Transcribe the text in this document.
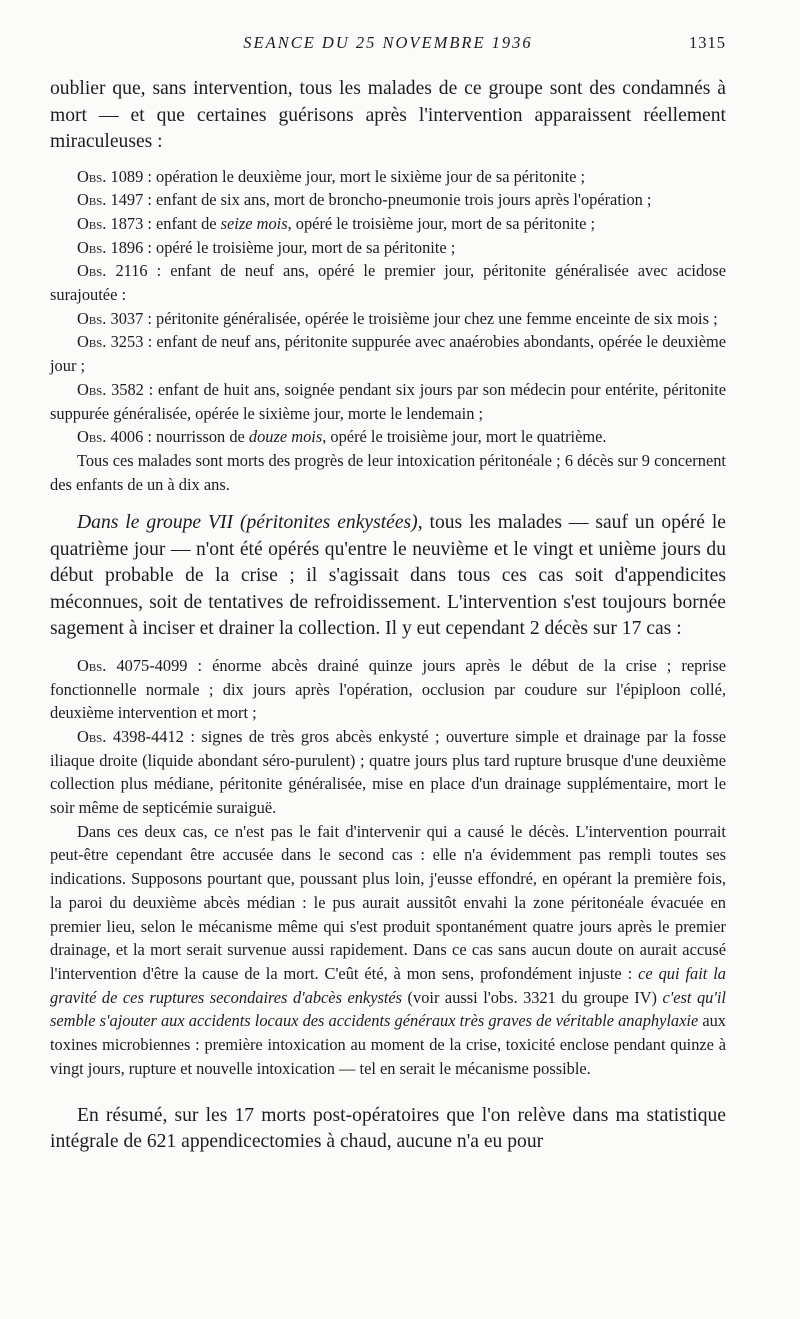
SEANCE DU 25 NOVEMBRE 1936	1315

oublier que, sans intervention, tous les malades de ce groupe sont des condamnés à mort — et que certaines guérisons après l'intervention apparaissent réellement miraculeuses :

Obs. 1089 : opération le deuxième jour, mort le sixième jour de sa péritonite ;

Obs. 1497 : enfant de six ans, mort de broncho-pneumonie trois jours après l'opération ;

Obs. 1873 : enfant de seize mois, opéré le troisième jour, mort de sa péritonite ;

Obs. 1896 : opéré le troisième jour, mort de sa péritonite ;

Obs. 2116 : enfant de neuf ans, opéré le premier jour, péritonite généralisée avec acidose surajoutée :

Obs. 3037 : péritonite généralisée, opérée le troisième jour chez une femme enceinte de six mois ;

Obs. 3253 : enfant de neuf ans, péritonite suppurée avec anaérobies abondants, opérée le deuxième jour ;

Obs. 3582 : enfant de huit ans, soignée pendant six jours par son médecin pour entérite, péritonite suppurée généralisée, opérée le sixième jour, morte le lendemain ;

Obs. 4006 : nourrisson de douze mois, opéré le troisième jour, mort le quatrième.

Tous ces malades sont morts des progrès de leur intoxication péritonéale ; 6 décès sur 9 concernent des enfants de un à dix ans.

Dans le groupe VII (péritonites enkystées), tous les malades — sauf un opéré le quatrième jour — n'ont été opérés qu'entre le neuvième et le vingt et unième jours du début probable de la crise ; il s'agissait dans tous ces cas soit d'appendicites méconnues, soit de tentatives de refroidissement. L'intervention s'est toujours bornée sagement à inciser et drainer la collection. Il y eut cependant 2 décès sur 17 cas :

Obs. 4075-4099 : énorme abcès drainé quinze jours après le début de la crise ; reprise fonctionnelle normale ; dix jours après l'opération, occlusion par coudure sur l'épiploon collé, deuxième intervention et mort ;

Obs. 4398-4412 : signes de très gros abcès enkysté ; ouverture simple et drainage par la fosse iliaque droite (liquide abondant séro-purulent) ; quatre jours plus tard rupture brusque d'une deuxième collection plus médiane, péritonite généralisée, mise en place d'un drainage supplémentaire, mort le soir même de septicémie suraiguë.

Dans ces deux cas, ce n'est pas le fait d'intervenir qui a causé le décès. L'intervention pourrait peut-être cependant être accusée dans le second cas : elle n'a évidemment pas rempli toutes ses indications. Supposons pourtant que, poussant plus loin, j'eusse effondré, en opérant la première fois, la paroi du deuxième abcès médian : le pus aurait aussitôt envahi la zone péritonéale évacuée en premier lieu, selon le mécanisme même qui s'est produit spontanément quatre jours après le premier drainage, et la mort serait survenue aussi rapidement. Dans ce cas sans aucun doute on aurait accusé l'intervention d'être la cause de la mort. C'eût été, à mon sens, profondément injuste : ce qui fait la gravité de ces ruptures secondaires d'abcès enkystés (voir aussi l'obs. 3321 du groupe IV) c'est qu'il semble s'ajouter aux accidents locaux des accidents généraux très graves de véritable anaphylaxie aux toxines microbiennes : première intoxication au moment de la crise, toxicité enclose pendant quinze à vingt jours, rupture et nouvelle intoxication — tel en serait le mécanisme possible.

En résumé, sur les 17 morts post-opératoires que l'on relève dans ma statistique intégrale de 621 appendicectomies à chaud, aucune n'a eu pour
